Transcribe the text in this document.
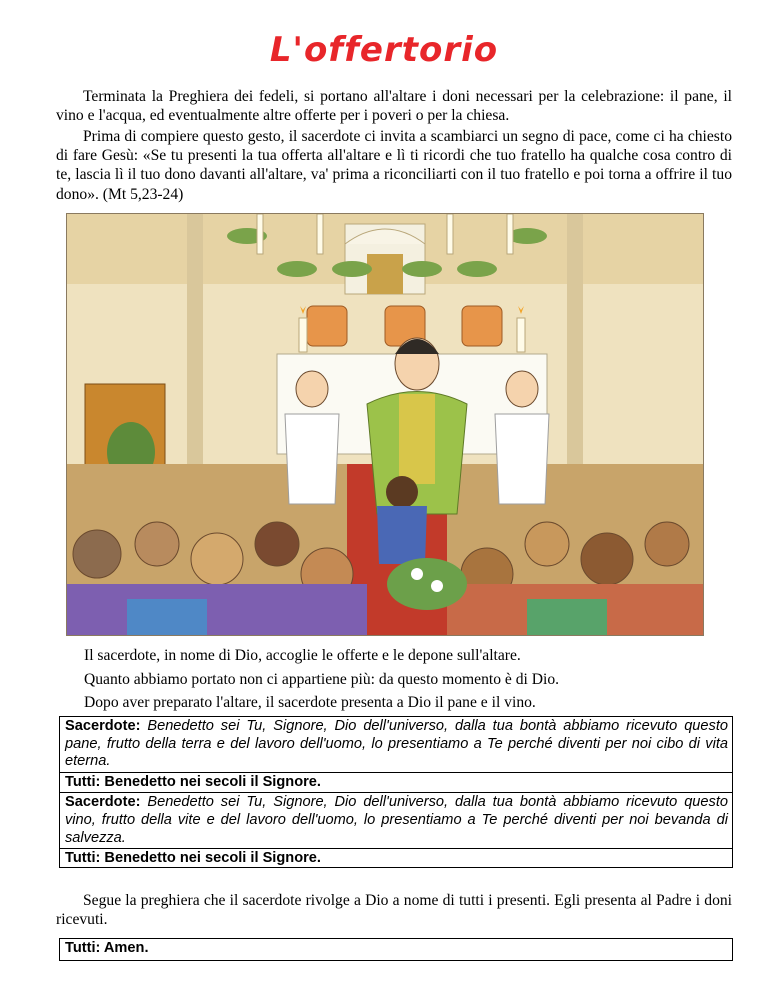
L'offertorio

Terminata la Preghiera dei fedeli, si portano all'altare i doni necessari per la celebrazione: il pane, il vino e l'acqua, ed eventualmente altre offerte per i poveri o per la chiesa.

Prima di compiere questo gesto, il sacerdote ci invita a scambiarci un segno di pace, come ci ha chiesto di fare Gesù: «Se tu presenti la tua offerta all'altare e lì ti ricordi che tuo fratello ha qualche cosa contro di te, lascia lì il tuo dono davanti all'altare, va' prima a riconciliarti con il tuo fratello e poi torna a offrire il tuo dono». (Mt 5,23-24)

Il sacerdote, in nome di Dio, accoglie le offerte e le depone sull'altare.

Quanto abbiamo portato non ci appartiene più: da questo momento è di Dio.

Dopo aver preparato l'altare, il sacerdote presenta a Dio il pane e il vino.

Sacerdote: Benedetto sei Tu, Signore, Dio dell'universo, dalla tua bontà abbiamo ricevuto questo pane, frutto della terra e del lavoro dell'uomo, lo presentiamo a Te perché diventi per noi cibo di vita eterna.
Tutti: Benedetto nei secoli il Signore.
Sacerdote: Benedetto sei Tu, Signore, Dio dell'universo, dalla tua bontà abbiamo ricevuto questo vino, frutto della vite e del lavoro dell'uomo, lo presentiamo a Te perché diventi per noi bevanda di salvezza.
Tutti: Benedetto nei secoli il Signore.

Segue la preghiera che il sacerdote rivolge a Dio a nome di tutti i presenti. Egli presenta al Padre i doni ricevuti.

Tutti: Amen.
